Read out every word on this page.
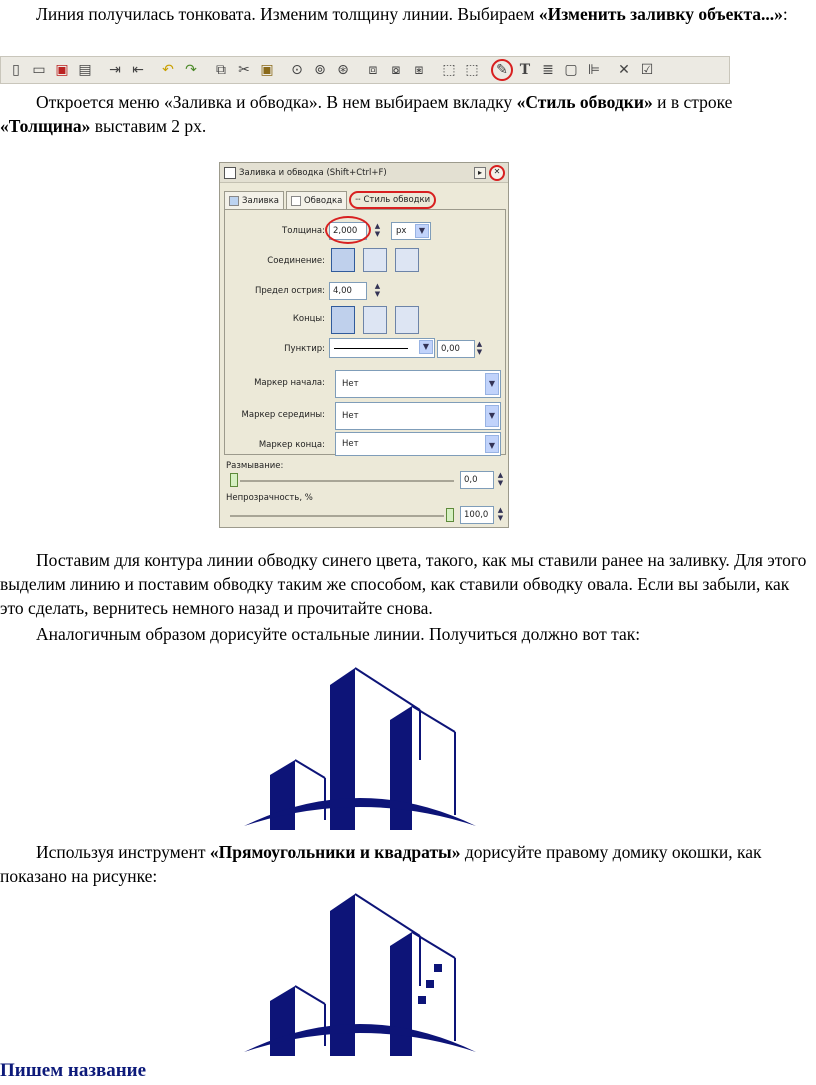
Линия получилась тонковата. Изменим толщину линии. Выбираем «Изменить заливку объекта...»:
▯ ▭ ▣ ▤	⇥ ⇤	↶ ↷	⧉ ✂ ▣	⊙ ⊚ ⊛	⧈	⧇	⧆	⬚ ⬚	✎ T ≣ ▢ ⊫	✕ ☑
Откроется меню «Заливка и обводка». В нем выбираем вкладку «Стиль обводки» и в строке «Толщина» выставим 2 px.
Заливка и обводка (Shift+Ctrl+F)	▸	✕
Заливка	Обводка ┄ Стиль обводки
Толщина: 2,000 ▲
▼ px	▼
Соединение:
Предел острия: 4,00	▲
▼
Концы:
Пунктир:	▼	0,00 ▲
▼
Маркер начала: Нет	▼
Маркер середины: Нет	▼
Маркер конца: Нет	▼
Размывание:
0,0	▲
▼
Непрозрачность, %
100,0 ▲
▼
Поставим для контура линии обводку синего цвета, такого, как мы ставили ранее на заливку. Для этого выделим линию и поставим обводку таким же способом, как ставили обводку овала. Если вы забыли, как это сделать, вернитесь немного назад и прочитайте снова.
Аналогичным образом дорисуйте остальные линии. Получиться должно вот так:
Используя инструмент «Прямоугольники и квадраты» дорисуйте правому домику окошки, как показано на рисунке:
Пишем название
